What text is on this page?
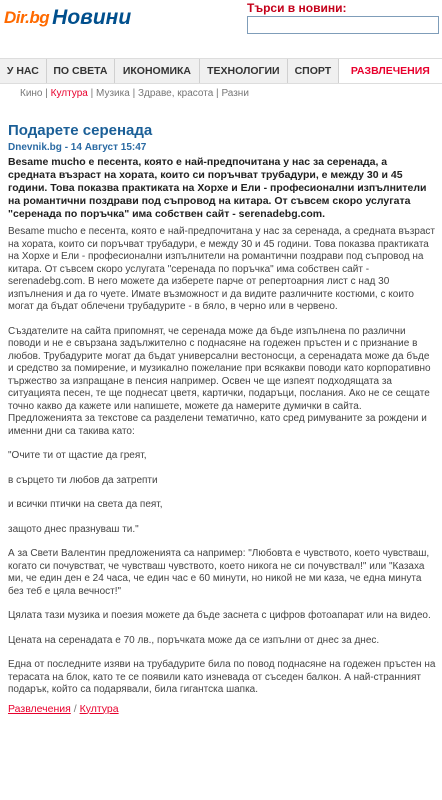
Dir.bg Новини	Търси в новини:
У НАС	ПО СВЕТА	ИКОНОМИКА	ТЕХНОЛОГИИ	СПОРТ	РАЗВЛЕЧЕНИЯ
Кино | Култура | Музика | Здраве, красота | Разни
Подарете серенада
Dnevnik.bg - 14 Август 15:47
Besame mucho е песента, която е най-предпочитана у нас за серенада, а средната възраст на хората, които си поръчват трубадури, е между 30 и 45 години. Това показва практиката на Хорхе и Ели - професионални изпълнители на романтични поздрави под съпровод на китара. От съвсем скоро услугата "серенада по поръчка" има собствен сайт - serenadebg.com.
Besame mucho е песента, която е най-предпочитана у нас за серенада, а средната възраст на хората, които си поръчват трубадури, е между 30 и 45 години. Това показва практиката на Хорхе и Ели - професионални изпълнители на романтични поздрави под съпровод на китара. От съвсем скоро услугата "серенада по поръчка" има собствен сайт - serenadebg.com. В него можете да изберете парче от репертоарния лист с над 30 изпълнения и да го чуете. Имате възможност и да видите различните костюми, с които могат да бъдат облечени трубадурите - в бяло, в черно или в червено.
Създателите на сайта припомнят, че серенада може да бъде изпълнена по различни поводи и не е свързана задължително с поднасяне на годежен пръстен и с признание в любов. Трубадурите могат да бъдат универсални вестоносци, а серенадата може да бъде и средство за помирение, и музикално пожелание при всякакви поводи като корпоративно тържество за изпращане в пенсия например. Освен че ще изпеят подходящата за ситуацията песен, те ще поднесат цветя, картички, подаръци, послания. Ако не се сещате точно какво да кажете или напишете, можете да намерите думички в сайта. Предложенията за текстове са разделени тематично, като сред римуваните за рождени и именни дни са такива като:
"Очите ти от щастие да греят,
в сърцето ти любов да затрепти
и всички птички на света да пеят,
защото днес празнуваш ти."
А за Свети Валентин предложенията са например: "Любовта е чувството, което чувстваш, когато си почувстват, че чувстваш чувството, което никога не си почувствал!" или "Казаха ми, че един ден е 24 часа, че един час е 60 минути, но никой не ми каза, че една минута без теб е цяла вечност!"
Цялата тази музика и поезия можете да бъде заснета с цифров фотоапарат или на видео.
Цената на серенадата е 70 лв., поръчката може да се изпълни от днес за днес.
Една от последните изяви на трубадурите била по повод поднасяне на годежен пръстен на терасата на блок, като те се появили като изневада от съседен балкон. А най-странният подарък, който са подарявали, била гигантска шапка.
Развлечения / Култура
